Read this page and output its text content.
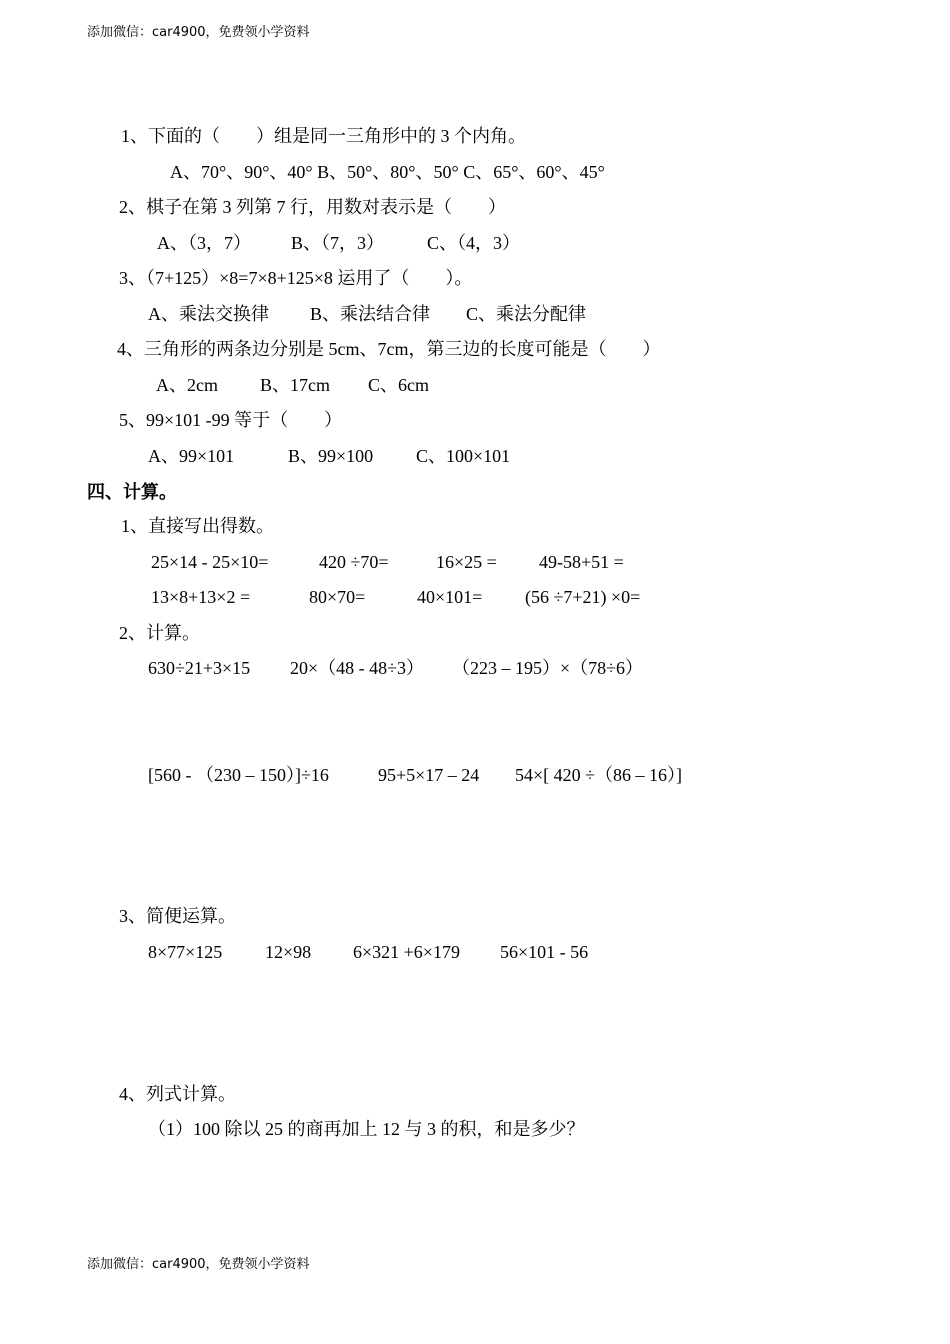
添加微信：car4900，免费领小学资料
1、下面的（　　）组是同一三角形中的 3 个内角。
A、70°、90°、40° B、50°、80°、50° C、65°、60°、45°
2、棋子在第 3 列第 7 行，用数对表示是（　　）
A、（3，7） B、（7，3） C、（4，3）
3、（7+125）×8=7×8+125×8 运用了（　　）。
A、乘法交换律 B、乘法结合律 C、乘法分配律
4、三角形的两条边分别是 5cm、7cm，第三边的长度可能是（　　）
A、2cm B、17cm C、6cm
5、99×101 -99 等于（　　）
A、99×101	B、99×100 C、100×101
四、计算。
1、直接写出得数。
25×14 - 25×10=	420 ÷70=	16×25 = 49-58+51 =
13×8+13×2 =	80×70=	40×101= (56 ÷7+21) ×0=
2、计算。
630÷21+3×15 20×（48 - 48÷3） （223 – 195）×（78÷6）
[560 - （230 – 150）]÷16	95+5×17 – 24 54×[ 420 ÷（86 – 16）]
3、简便运算。
8×77×125 12×98 6×321 +6×179 56×101 - 56
4、列式计算。
（1）100 除以 25 的商再加上 12 与 3 的积，和是多少？
添加微信：car4900，免费领小学资料
